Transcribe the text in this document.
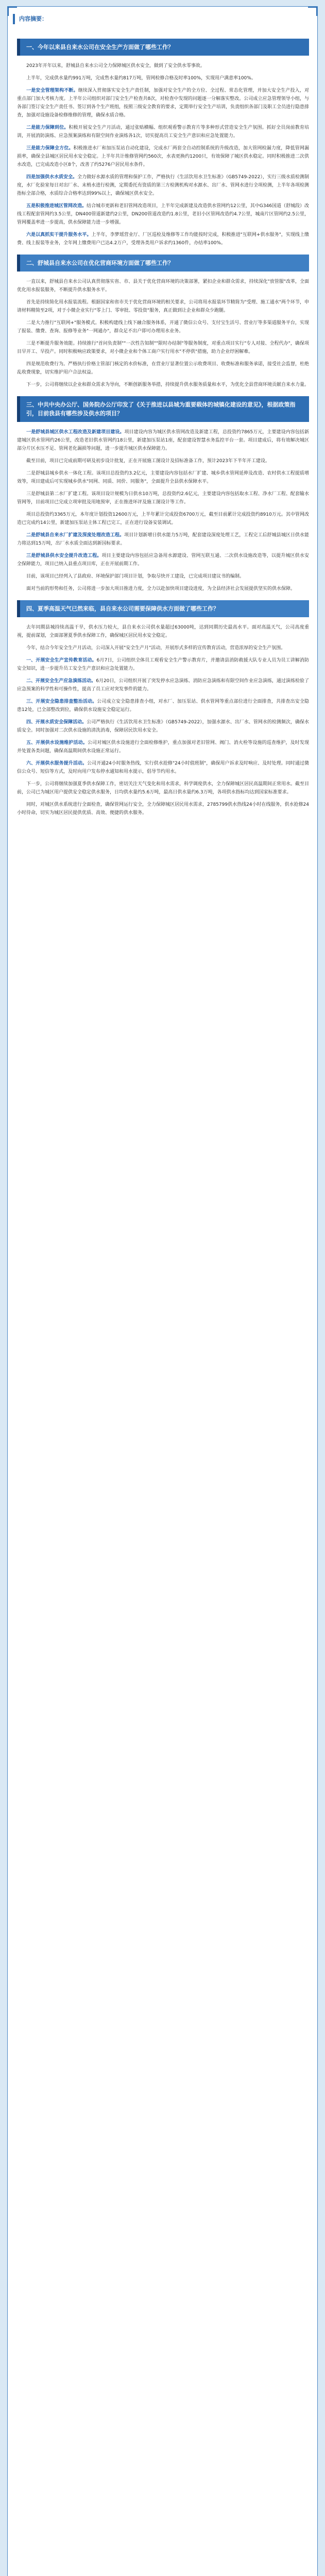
内容摘要：
一、今年以来县自来水公司在安全生产方面做了哪些工作？

2023年开年以来，舒城县自来水公司全力保障城区供水安全，做到了安全供水零事故。

上半年，完成供水量约991万吨，完成售水量约817万吨，管网检修合格及时率100%，实现用户满意率100%。

一是安全管理架构不断。继续深入贯彻落实安全生产责任制，加强对安全生产的全方位、全过程、常态化管理，并加大安全生产投入，对重点部门加大考核力度。上半年公司组织对部门安全生产检查共8次，对检查中发现的问题逐一分解落实整改。公司成立应急管理领导小组，与各部门签订安全生产责任书、签订到各个生产班组，按照三级安全教育的要求，定期举行安全生产培训，负责组织各部门及职工全员进行隐患排查，加强对设施设备检修维修的管理，确保水质合格。

二是能力保障到位。积极开展安全生产月活动，通过张贴横幅、组织观看警示教育片等多种形式营造安全生产氛围。抓好全员岗前教育培训，开展消防演练、应急预案演练和有限空间作业演练各1次，切实提高员工安全生产意识和应急处置能力。

三是能力保障全方位。积极推进水厂和加压泵站自动化建设，完成水厂两套全自动控制系统的升级改造，加大管网检漏力度，降低管网漏损率，确保全县城区居民用水安全稳定。上半年共计维修管网约560次，水表更换约1200只，有效保障了城区供水稳定。同时积极推进二次供水改造，已完成改造小区8个，改善了约5276户居民用水条件。

四是加强供水水质安全。全力做好水源水质的管理和保护工作，严格执行《生活饮用水卫生标准》（GB5749-2022），实行三级水质检测制度，水厂化验室每日对出厂水、末梢水进行检测，定期委托有资质的第三方检测机构对水源水、出厂水、管网水进行全项检测，上半年各项检测指标全部合格，水质综合合格率达到99%以上，确保城区供水安全。

五是积极推进城区管网改造。结合城市更新和老旧管网改造项目，上半年完成新建及改造供水管网约12公里，其中G346国道（舒城段）改线工程配套管网约3.5公里，DN400管道新建约2公里，DN200管道改造约1.8公里，老旧小区管网改造约4.7公里，城南片区管网约2.5公里，管网覆盖率进一步提高，供水保障能力进一步增强。

六是以真抓实干提升服务水平。上半年，李梦瑶营业厅、厂区巡检及维修等工作均能按时完成，积极推进"互联网+供水服务"，实现线上缴费、线上报装等业务，全年网上缴费用户已达4.2万户，受理各类用户诉求约1360件，办结率100%。

二、舒城县自来水公司在优化营商环境方面做了哪些工作？

一直以来，舒城县自来水公司认真贯彻落实省、市、县关于优化营商环境的决策部署，紧扣企业和群众需求，持续深化"放管服"改革，全面优化用水报装服务，不断提升供水服务水平。

首先是持续简化用水报装流程。根据国家和省市关于优化营商环境的相关要求，公司将用水报装环节精简为"受理、施工通水"两个环节，申请材料精简至2项，对于小微企业实行"零上门、零审批、零投资"服务，真正做到让企业和群众少跑腿。

二是大力推行"互联网+"服务模式。积极构建线上线下融合服务体系，开通了微信公众号、支付宝生活号、营业厅等多渠道服务平台，实现了报装、缴费、查询、报修等业务"一网通办"，群众足不出户即可办理用水业务。

三是不断提升服务效能。持续推行"首问负责制""一次性告知制""限时办结制"等服务制度，对重点项目实行"专人对接、全程代办"，确保项目早开工、早投产。同时积极响应政策要求，对小微企业和个体工商户实行用水"不停供"措施，助力企业纾困解难。

四是规范收费行为。严格执行价格主管部门核定的水价标准，在营业厅显著位置公示收费项目、收费标准和服务承诺，接受社会监督，杜绝乱收费现象，切实维护用户合法权益。

下一步，公司将继续以企业和群众需求为导向，不断创新服务举措，持续提升供水服务质量和水平，为优化全县营商环境贡献自来水力量。

三、中共中央办公厅、国务院办公厅印发了《关于推进以县城为重要载体的城镇化建设的意见》，根据政策指引，目前我县有哪些涉及供水的项目？

一是舒城县城区供水工程改造及新建项目建设。项目建设内容为城区供水管网改造及新建工程，总投资约7865万元，主要建设内容包括新建城区供水管网约26公里，改造老旧供水管网约18公里，新建加压泵站1座，配套建设智慧水务监控平台一套。项目建成后，将有效解决城区部分片区水压不足、管网老化漏损等问题，进一步提升城区供水保障能力。

截至目前，项目已完成前期可研及初步设计批复，正在开展施工图设计及招标准备工作，预计2023年下半年开工建设。

二是舒城县城乡供水一体化工程。该项目总投资约3.2亿元，主要建设内容包括水厂扩建、城乡供水管网延伸及改造、农村供水工程提质增效等，项目建成后可实现城乡供水"同网、同质、同价、同服务"，全面提升全县供水保障水平。

三是舒城县第二水厂扩建工程。该项目设计规模为日供水10万吨，总投资约2.6亿元，主要建设内容包括取水工程、净水厂工程、配套输水管网等，目前项目已完成立项审批及用地预审，正在推进环评及施工图设计等工作。

项目总投资约3365万元，本年度计划投资12600万元，上半年累计完成投资6700万元，截至目前累计完成投资约8910万元。其中管网改造已完成约14公里，新建加压泵站主体工程已完工，正在进行设备安装调试。

二是舒城县自来水厂扩建及深度处理改造工程。项目计划新增日供水能力5万吨，配套建设深度处理工艺，工程完工后舒城县城区日供水能力将达到15万吨，出厂水水质全面达到新国标要求。

三是舒城县供水安全提升改造工程。项目主要建设内容包括应急备用水源建设、管网互联互通、二次供水设施改造等，以提升城区供水安全保障能力，项目已纳入县重点项目库，正在开展前期工作。

目前，该项目已经列入了县政府、环境保护部门项目计划，争取尽快开工建设，已完成项目建议书的编制。

面对当前的形势和任务，公司将进一步加大项目推进力度，全力以赴加快项目建设进度，为全县经济社会发展提供坚实的供水保障。

四、夏季高温天气已然来临，县自来水公司需要保障供水方面做了哪些工作？

去年同期县城持续高温干旱，供水压力较大，县自来水公司供水量超过63000吨，达到同期历史最高水平。面对高温天气，公司高度重视，提前谋划，全面部署夏季供水保障工作，确保城区居民用水安全稳定。

今年，结合今年安全生产月活动，公司深入开展"安全生产月"活动，开展形式多样的宣传教育活动，营造浓厚的安全生产氛围。

一、开展安全生产宣传教育活动。6月7日，公司组织全体员工观看安全生产警示教育片，并邀请县消防救援大队专业人员为员工讲解消防安全知识，进一步提升员工安全生产意识和应急处置能力。

二、开展安全生产应急演练活动。6月20日，公司组织开展了突发停水应急演练、消防应急演练和有限空间作业应急演练，通过演练检验了应急预案的科学性和可操作性，提高了员工应对突发事件的能力。

三、开展安全隐患排查整治活动。公司成立安全隐患排查小组，对水厂、加压泵站、供水管网等重点部位进行全面排查，共排查出安全隐患12处，已全部整改到位，确保供水设施安全稳定运行。

四、开展水质安全保障活动。公司严格执行《生活饮用水卫生标准》（GB5749-2022），加强水源水、出厂水、管网水的检测频次，确保水质安全。同时加强对二次供水设施的清洗消毒，保障居民饮用水安全。

五、开展供水设施维护活动。公司对城区供水设施进行全面检修维护，重点加强对老旧管网、阀门、消火栓等设施的巡查维护，及时发现并处置各类问题，确保高温期间供水设施正常运行。

六、开展供水服务提升活动。公司开通24小时服务热线，实行供水抢修"24小时值班制"，确保用户诉求及时响应、及时处理。同时通过微信公众号、短信等方式，及时向用户发布停水通知和用水提示，倡导节约用水。

下一步，公司将继续加强夏季供水保障工作，密切关注天气变化和用水需求，科学调度供水，全力保障城区居民高温期间正常用水。截至目前，公司已为城区用户提供安全稳定供水服务，日均供水量约5.6万吨，最高日供水量约6.3万吨，各项供水指标均达到国家标准要求。

同时，对城区供水系统进行全面检查，确保管网运行安全，全力保障城区居民用水需求，2785799供水热线24小时在线服务，供水抢修24小时待命，切实为城区居民提供优质、高效、便捷的供水服务。
